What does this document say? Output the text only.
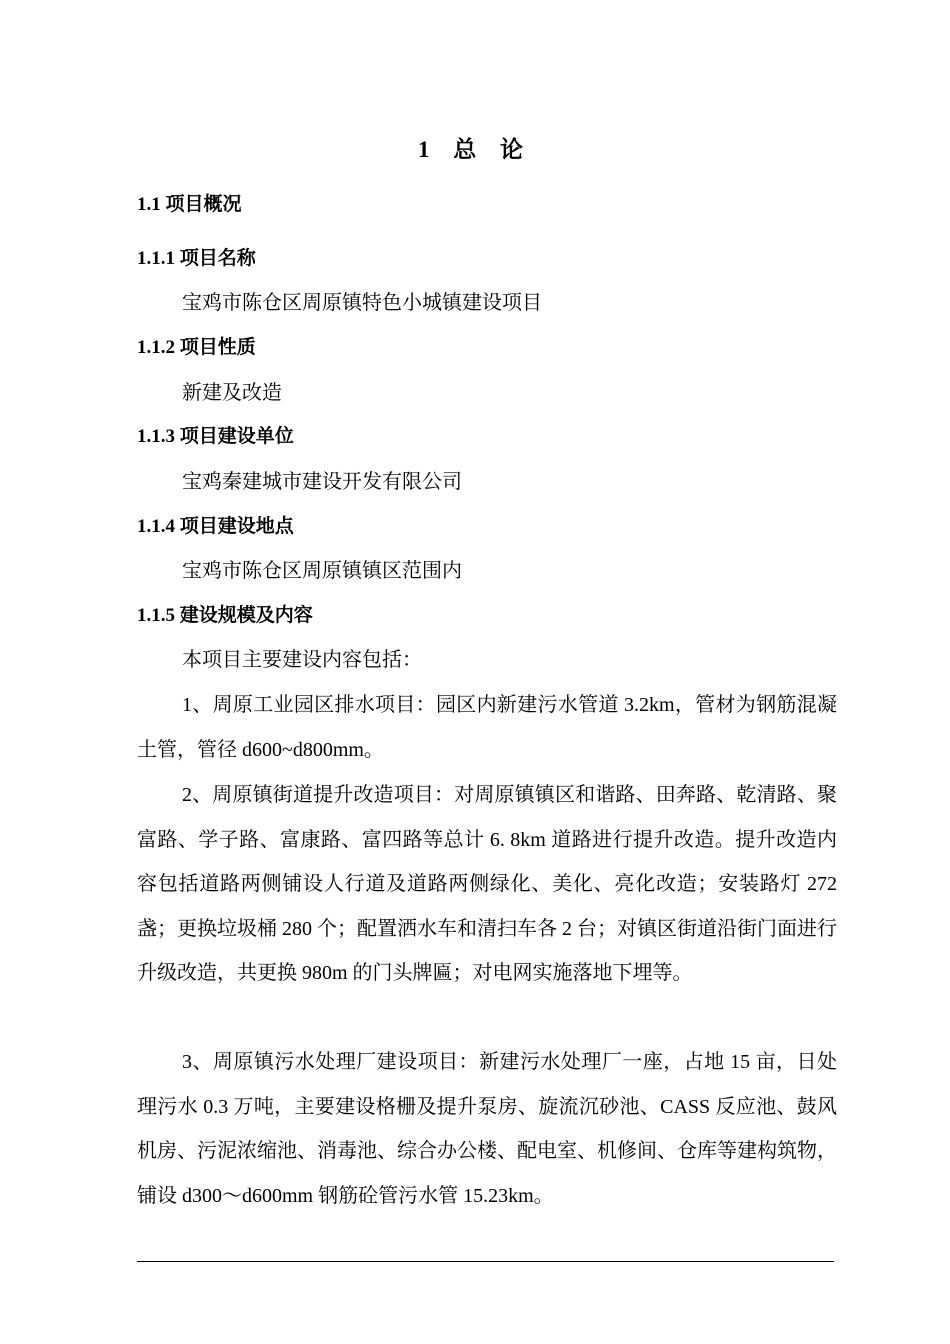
1 总 论
1.1 项目概况
1.1.1 项目名称
宝鸡市陈仓区周原镇特色小城镇建设项目
1.1.2 项目性质
新建及改造
1.1.3 项目建设单位
宝鸡秦建城市建设开发有限公司
1.1.4 项目建设地点
宝鸡市陈仓区周原镇镇区范围内
1.1.5 建设规模及内容
本项目主要建设内容包括：

1、周原工业园区排水项目：园区内新建污水管道 3.2km，管材为钢筋混凝土管，管径 d600~d800mm。

2、周原镇街道提升改造项目：对周原镇镇区和谐路、田奔路、乾清路、聚富路、学子路、富康路、富四路等总计 6. 8km 道路进行提升改造。提升改造内容包括道路两侧铺设人行道及道路两侧绿化、美化、亮化改造；安装路灯 272 盏；更换垃圾桶 280 个；配置洒水车和清扫车各 2 台；对镇区街道沿街门面进行升级改造，共更换 980m 的门头牌匾；对电网实施落地下埋等。

3、周原镇污水处理厂建设项目：新建污水处理厂一座，占地 15 亩，日处理污水 0.3 万吨，主要建设格栅及提升泵房、旋流沉砂池、CASS 反应池、鼓风机房、污泥浓缩池、消毒池、综合办公楼、配电室、机修间、仓库等建构筑物，铺设 d300～d600mm 钢筋砼管污水管 15.23km。
